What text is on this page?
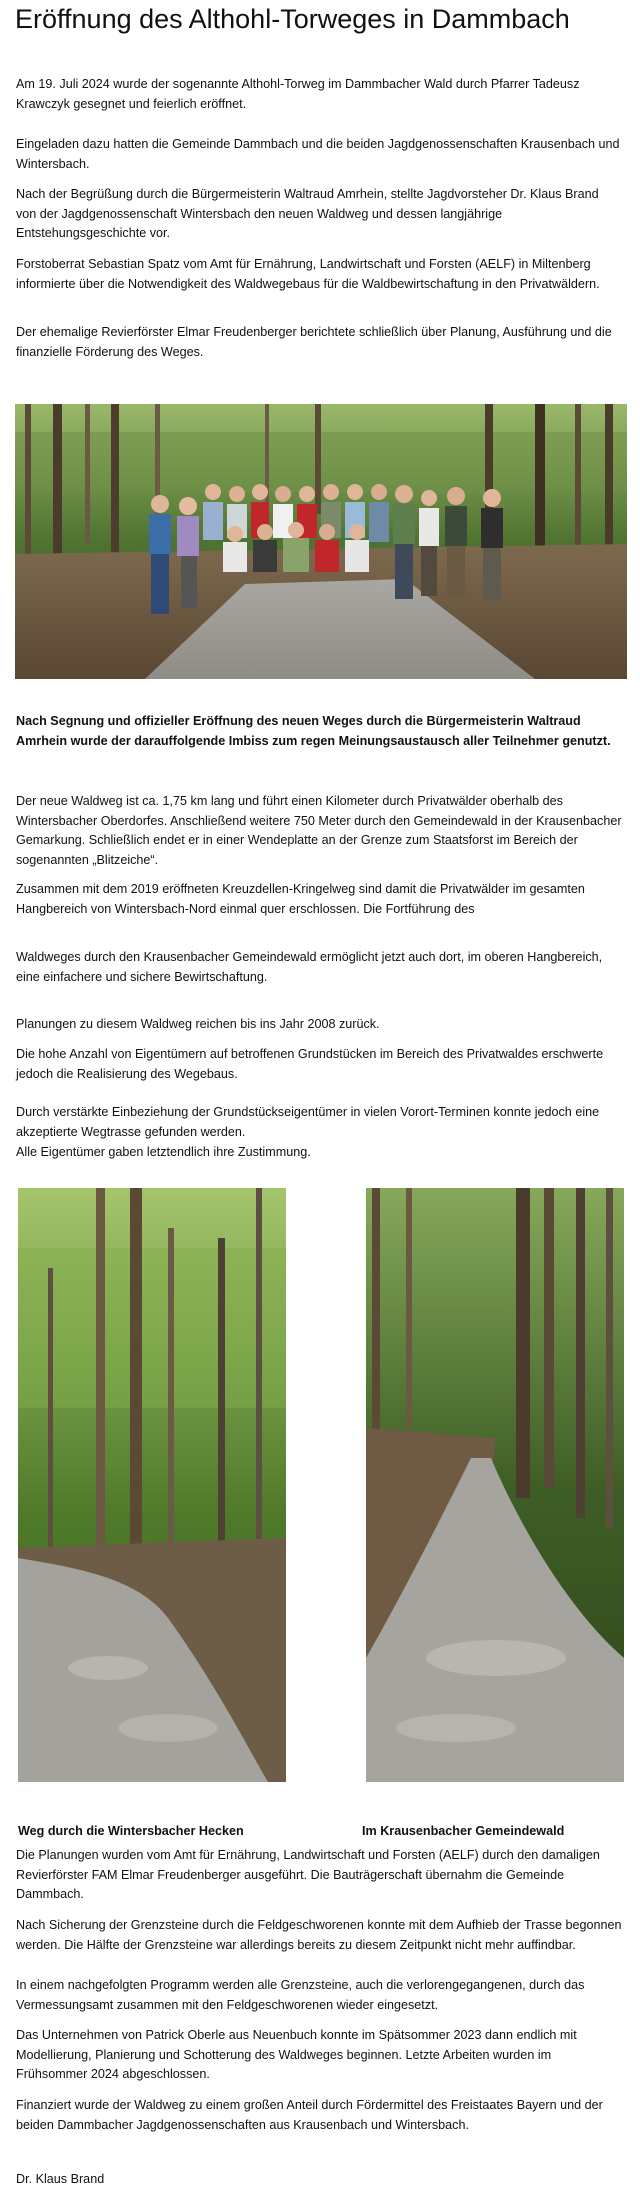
Eröffnung des Althohl-Torweges in Dammbach

Am 19. Juli 2024 wurde der sogenannte Althohl-Torweg im Dammbacher Wald durch Pfarrer Tadeusz Krawczyk gesegnet und feierlich eröffnet.

Eingeladen dazu hatten die Gemeinde Dammbach und die beiden Jagdgenossenschaften Krausenbach und Wintersbach.

Nach der Begrüßung durch die Bürgermeisterin Waltraud Amrhein, stellte Jagdvorsteher Dr. Klaus Brand von der Jagdgenossenschaft Wintersbach den neuen Waldweg und dessen langjährige Entstehungsgeschichte vor.

Forstoberrat Sebastian Spatz vom Amt für Ernährung, Landwirtschaft und Forsten (AELF) in Miltenberg informierte über die Notwendigkeit des Waldwegebaus für die Waldbewirtschaftung in den Privatwäldern.

Der ehemalige Revierförster Elmar Freudenberger berichtete schließlich über Planung, Ausführung und die finanzielle Förderung des Weges.

Nach Segnung und offizieller Eröffnung des neuen Weges durch die Bürgermeisterin Waltraud Amrhein wurde der darauffolgende Imbiss zum regen Meinungsaustausch aller Teilnehmer genutzt.

Der neue Waldweg ist ca. 1,75 km lang und führt einen Kilometer durch Privatwälder oberhalb des Wintersbacher Oberdorfes. Anschließend weitere 750 Meter durch den Gemeindewald in der Krausenbacher Gemarkung. Schließlich endet er in einer Wendeplatte an der Grenze zum Staatsforst im Bereich der sogenannten „Blitzeiche“.

Zusammen mit dem 2019 eröffneten Kreuzdellen-Kringelweg sind damit die Privatwälder im gesamten Hangbereich von Wintersbach-Nord einmal quer erschlossen. Die Fortführung des

Waldweges durch den Krausenbacher Gemeindewald ermöglicht jetzt auch dort, im oberen Hangbereich, eine einfachere und sichere Bewirtschaftung.

Planungen zu diesem Waldweg reichen bis ins Jahr 2008 zurück.

Die hohe Anzahl von Eigentümern auf betroffenen Grundstücken im Bereich des Privatwaldes erschwerte jedoch die Realisierung des Wegebaus.

Durch verstärkte Einbeziehung der Grundstückseigentümer in vielen Vorort-Terminen konnte jedoch eine akzeptierte Wegtrasse gefunden werden.

Alle Eigentümer gaben letztendlich ihre Zustimmung.

Weg durch die Wintersbacher Hecken	Im Krausenbacher Gemeindewald

Die Planungen wurden vom Amt für Ernährung, Landwirtschaft und Forsten (AELF) durch den damaligen Revierförster FAM Elmar Freudenberger ausgeführt. Die Bauträgerschaft übernahm die Gemeinde Dammbach.

Nach Sicherung der Grenzsteine durch die Feldgeschworenen konnte mit dem Aufhieb der Trasse begonnen werden. Die Hälfte der Grenzsteine war allerdings bereits zu diesem Zeitpunkt nicht mehr auffindbar.

In einem nachgefolgten Programm werden alle Grenzsteine, auch die verlorengegangenen, durch das Vermessungsamt zusammen mit den Feldgeschworenen wieder eingesetzt.

Das Unternehmen von Patrick Oberle aus Neuenbuch konnte im Spätsommer 2023 dann endlich mit Modellierung, Planierung und Schotterung des Waldweges beginnen. Letzte Arbeiten wurden im Frühsommer 2024 abgeschlossen.

Finanziert wurde der Waldweg zu einem großen Anteil durch Fördermittel des Freistaates Bayern und der beiden Dammbacher Jagdgenossenschaften aus Krausenbach und Wintersbach.

Dr. Klaus Brand
